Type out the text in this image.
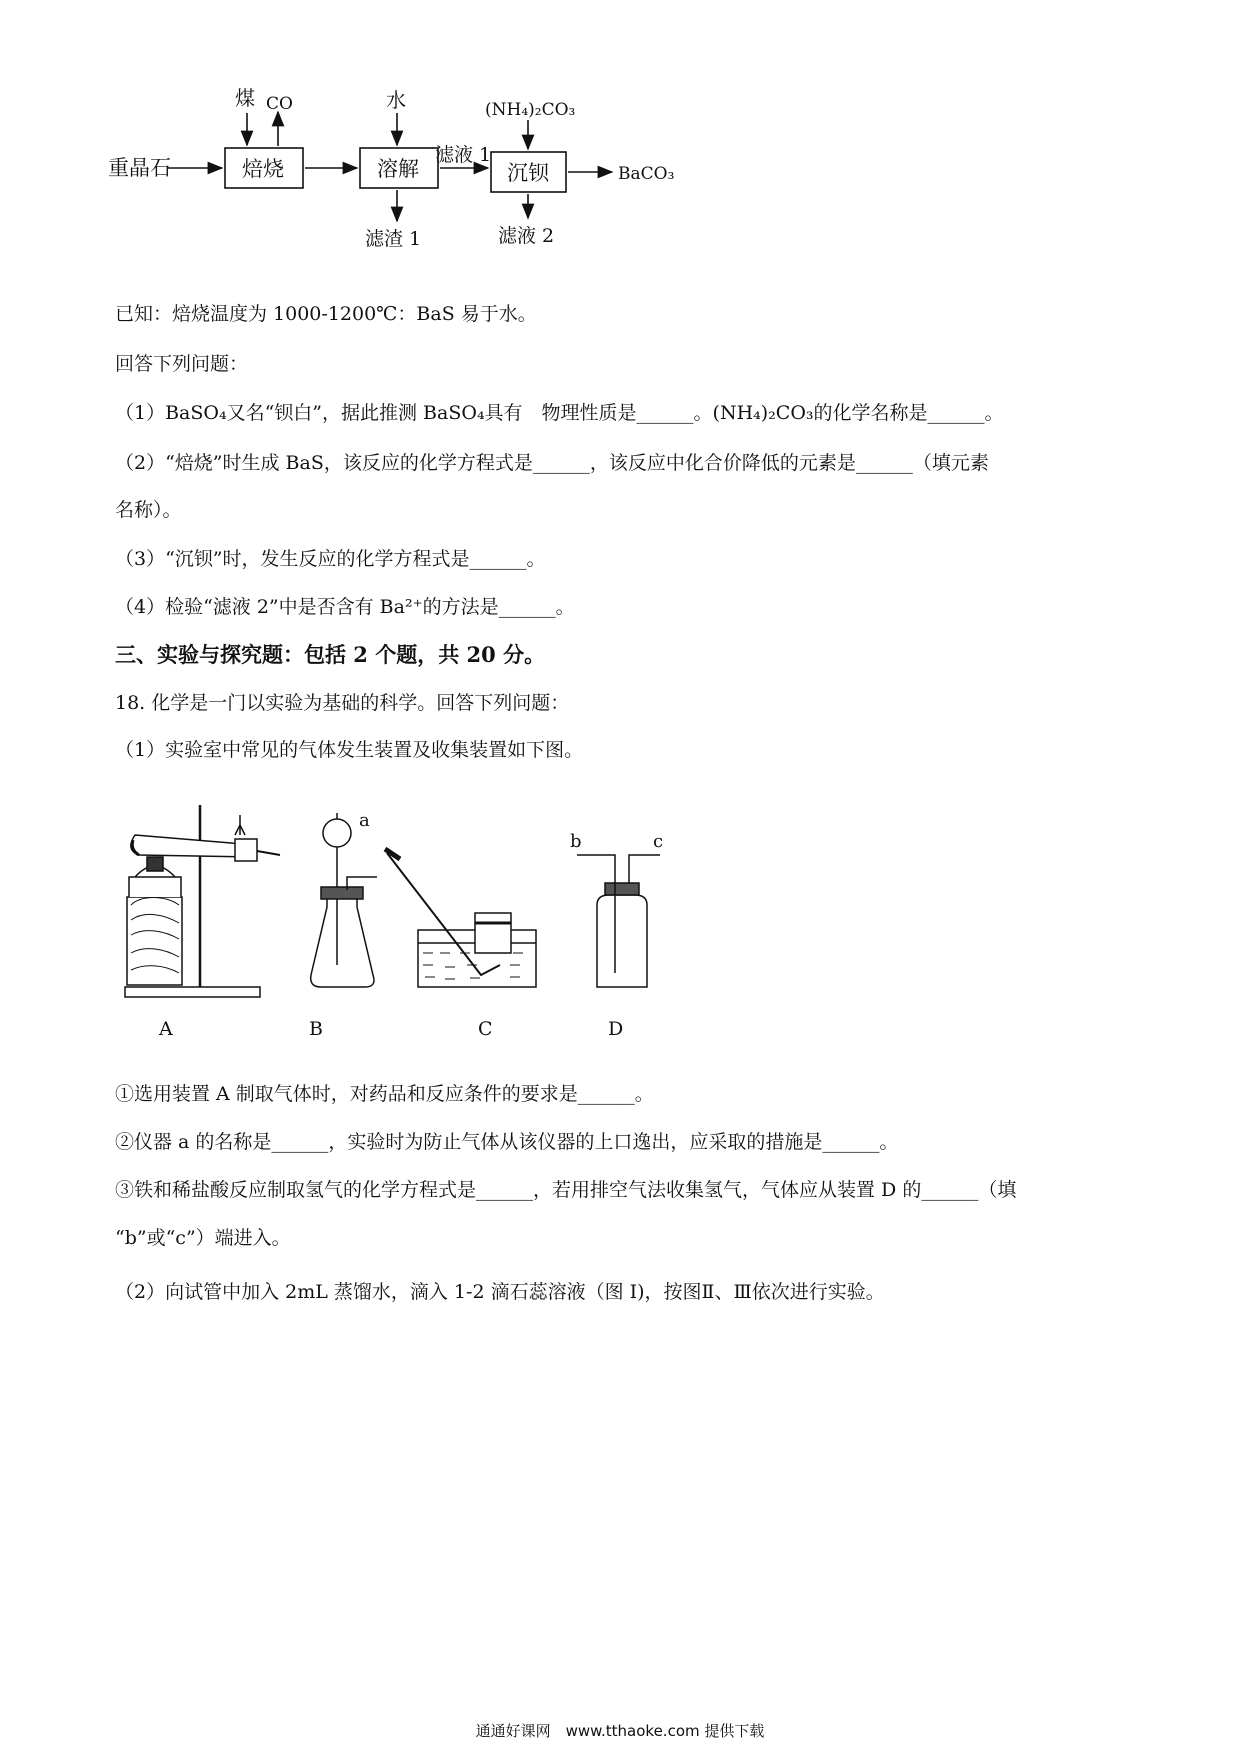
重晶石
煤 CO	水	(NH₄)₂CO₃
焙烧	溶解	沉钡
滤液 1
滤渣 1	滤液 2
BaCO₃
已知：焙烧温度为 1000-1200℃：BaS 易于水。
回答下列问题：
（1）BaSO₄又名“钡白”，据此推测 BaSO₄具有　物理性质是______。(NH₄)₂CO₃的化学名称是______。
（2）“焙烧”时生成 BaS，该反应的化学方程式是______，该反应中化合价降低的元素是______（填元素
名称）。
（3）“沉钡”时，发生反应的化学方程式是______。
（4）检验“滤液 2”中是否含有 Ba²⁺的方法是______。
三、实验与探究题：包括 2 个题，共 20 分。
18. 化学是一门以实验为基础的科学。回答下列问题：
（1）实验室中常见的气体发生装置及收集装置如下图。
a
b	c
A	B	C	D
①选用装置 A 制取气体时，对药品和反应条件的要求是______。
②仪器 a 的名称是______，实验时为防止气体从该仪器的上口逸出，应采取的措施是______。
③铁和稀盐酸反应制取氢气的化学方程式是______，若用排空气法收集氢气，气体应从装置 D 的______（填
“b”或“c”）端进入。
（2）向试管中加入 2mL 蒸馏水，滴入 1-2 滴石蕊溶液（图 I)，按图Ⅱ、Ⅲ依次进行实验。
通通好课网　www.tthaoke.com 提供下载
